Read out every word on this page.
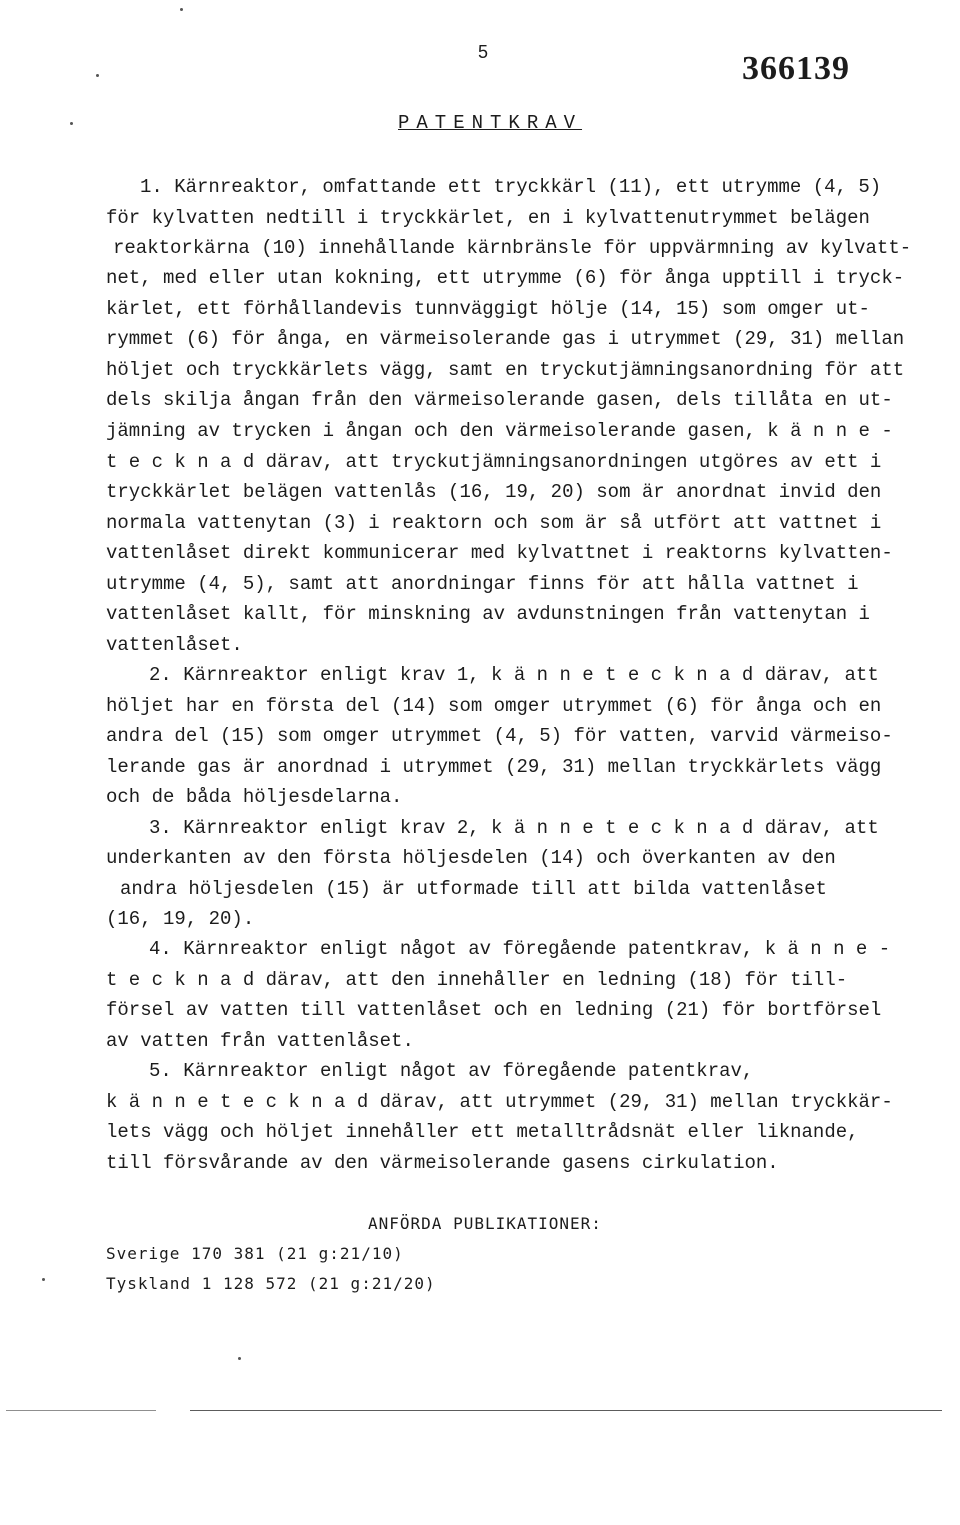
5	366139
PATENTKRAV
1. Kärnreaktor, omfattande ett tryckkärl (11), ett utrymme (4, 5)
för kylvatten nedtill i tryckkärlet, en i kylvattenutrymmet belägen
reaktorkärna (10) innehållande kärnbränsle för uppvärmning av kylvatt-
net, med eller utan kokning, ett utrymme (6) för ånga upptill i tryck-
kärlet, ett förhållandevis tunnväggigt hölje (14, 15) som omger ut-
rymmet (6) för ånga, en värmeisolerande gas i utrymmet (29, 31) mellan
höljet och tryckkärlets vägg, samt en tryckutjämningsanordning för att
dels skilja ångan från den värmeisolerande gasen, dels tillåta en ut-
jämning av trycken i ångan och den värmeisolerande gasen, k ä n n e -
t e c k n a d därav, att tryckutjämningsanordningen utgöres av ett i
tryckkärlet belägen vattenlås (16, 19, 20) som är anordnat invid den
normala vattenytan (3) i reaktorn och som är så utfört att vattnet i
vattenlåset direkt kommunicerar med kylvattnet i reaktorns kylvatten-
utrymme (4, 5), samt att anordningar finns för att hålla vattnet i
vattenlåset kallt, för minskning av avdunstningen från vattenytan i
vattenlåset.
2. Kärnreaktor enligt krav 1, k ä n n e t e c k n a d därav, att
höljet har en första del (14) som omger utrymmet (6) för ånga och en
andra del (15) som omger utrymmet (4, 5) för vatten, varvid värmeiso-
lerande gas är anordnad i utrymmet (29, 31) mellan tryckkärlets vägg
och de båda höljesdelarna.
3. Kärnreaktor enligt krav 2, k ä n n e t e c k n a d därav, att
underkanten av den första höljesdelen (14) och överkanten av den
andra höljesdelen (15) är utformade till att bilda vattenlåset
(16, 19, 20).
4. Kärnreaktor enligt något av föregående patentkrav, k ä n n e -
t e c k n a d därav, att den innehåller en ledning (18) för till-
försel av vatten till vattenlåset och en ledning (21) för bortförsel
av vatten från vattenlåset.
5. Kärnreaktor enligt något av föregående patentkrav,
k ä n n e t e c k n a d därav, att utrymmet (29, 31) mellan tryckkär-
lets vägg och höljet innehåller ett metalltrådsnät eller liknande,
till försvårande av den värmeisolerande gasens cirkulation.
ANFÖRDA PUBLIKATIONER:
Sverige 170 381 (21 g:21/10)
Tyskland 1 128 572 (21 g:21/20)
